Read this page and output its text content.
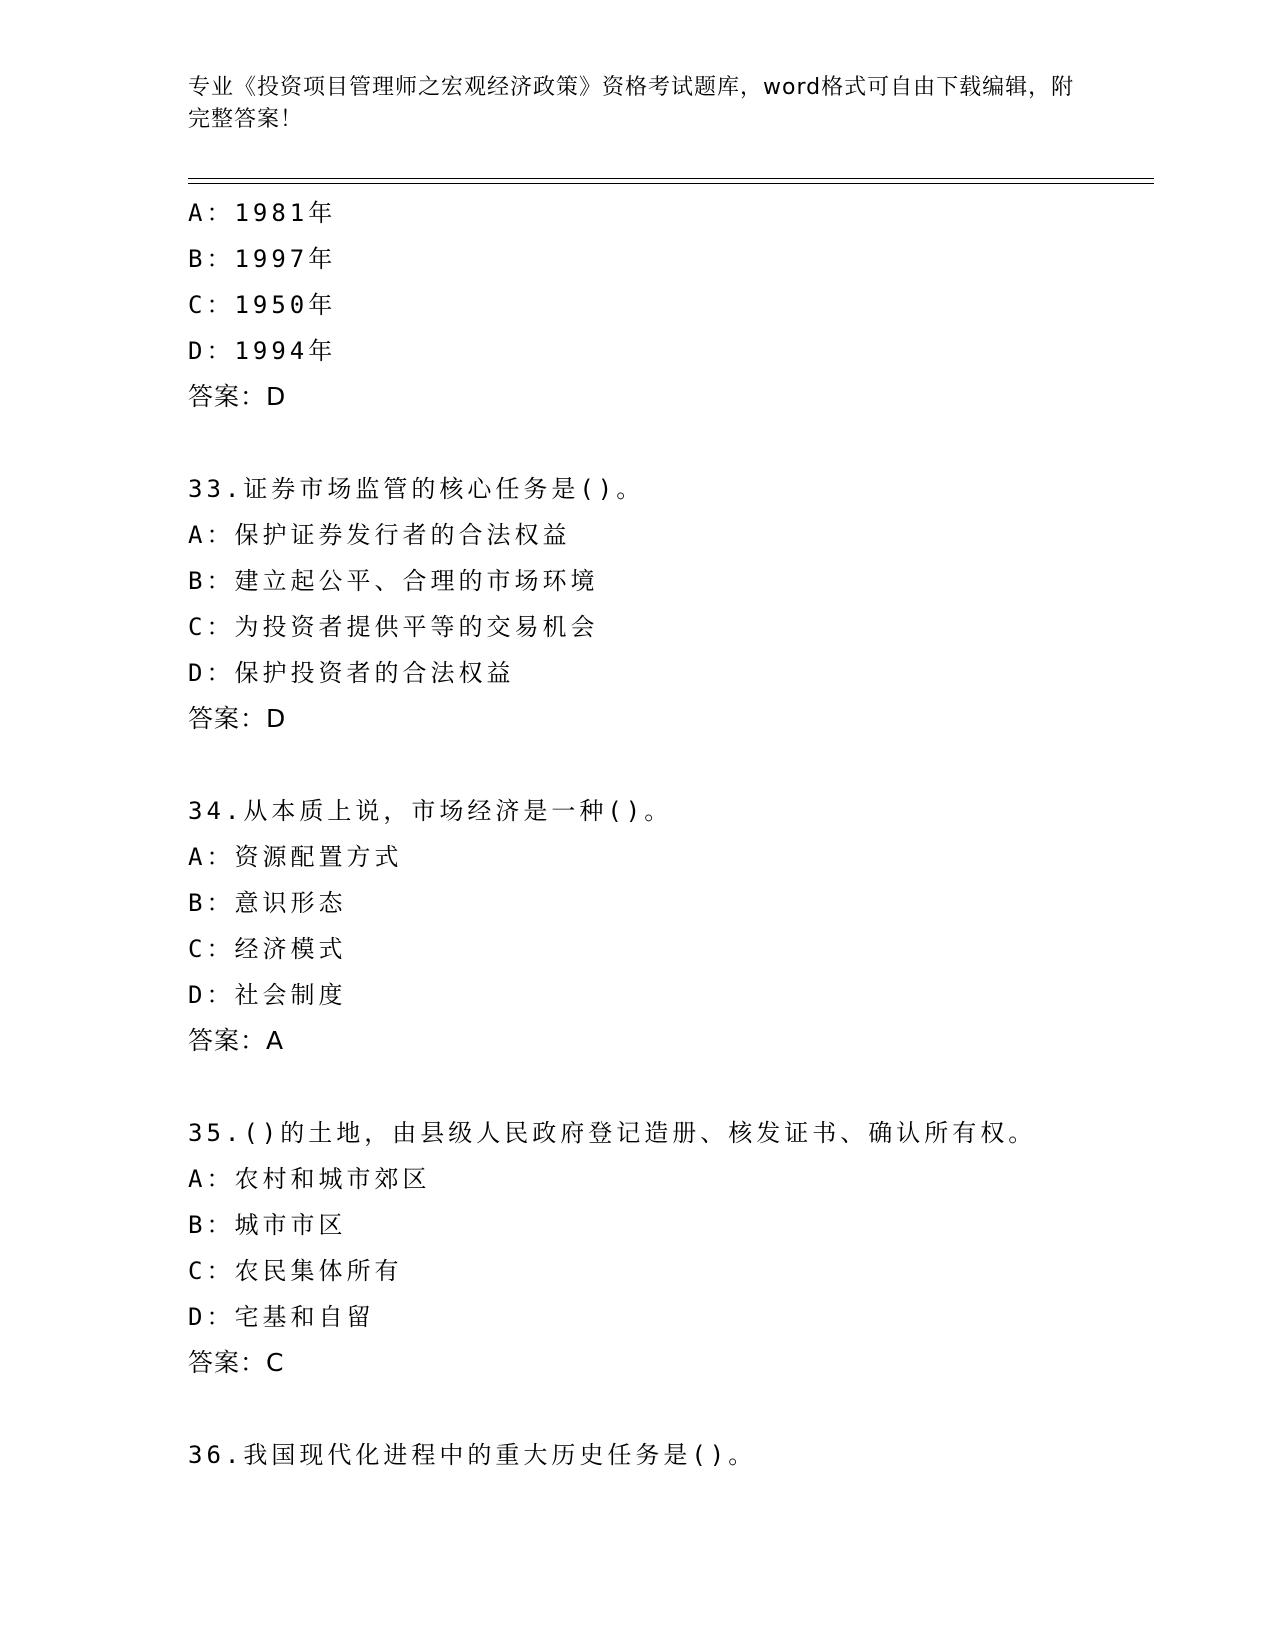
专业《投资项目管理师之宏观经济政策》资格考试题库，word格式可自由下载编辑，附完整答案！
A：1981年
B：1997年
C：1950年
D：1994年
答案：D
33.证券市场监管的核心任务是()。
A：保护证券发行者的合法权益
B：建立起公平、合理的市场环境
C：为投资者提供平等的交易机会
D：保护投资者的合法权益
答案：D
34.从本质上说，市场经济是一种()。
A：资源配置方式
B：意识形态
C：经济模式
D：社会制度
答案：A
35.()的土地，由县级人民政府登记造册、核发证书、确认所有权。
A：农村和城市郊区
B：城市市区
C：农民集体所有
D：宅基和自留
答案：C
36.我国现代化进程中的重大历史任务是()。
